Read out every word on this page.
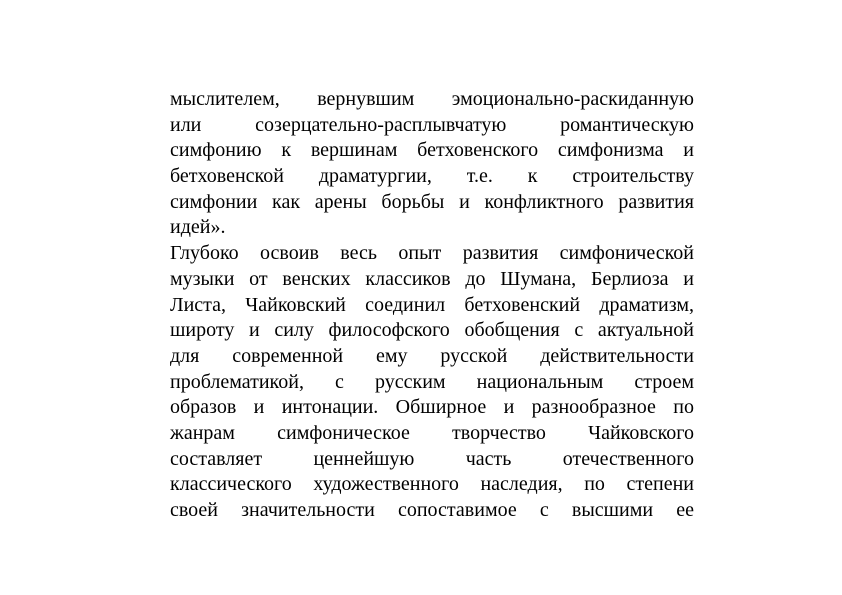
мыслителем, вернувшим эмоционально-раскиданную
или созерцательно-расплывчатую романтическую
симфонию к вершинам бетховенского симфонизма и
бетховенской драматургии, т.е. к строительству
симфонии как арены борьбы и конфликтного развития
идей».
Глубоко освоив весь опыт развития симфонической
музыки от венских классиков до Шумана, Берлиоза и
Листа, Чайковский соединил бетховенский драматизм,
широту и силу философского обобщения с актуальной
для современной ему русской действительности
проблематикой, с русским национальным строем
образов и интонации. Обширное и разнообразное по
жанрам симфоническое творчество Чайковского
составляет ценнейшую часть отечественного
классического художественного наследия, по степени
своей значительности сопоставимое с высшими ее
